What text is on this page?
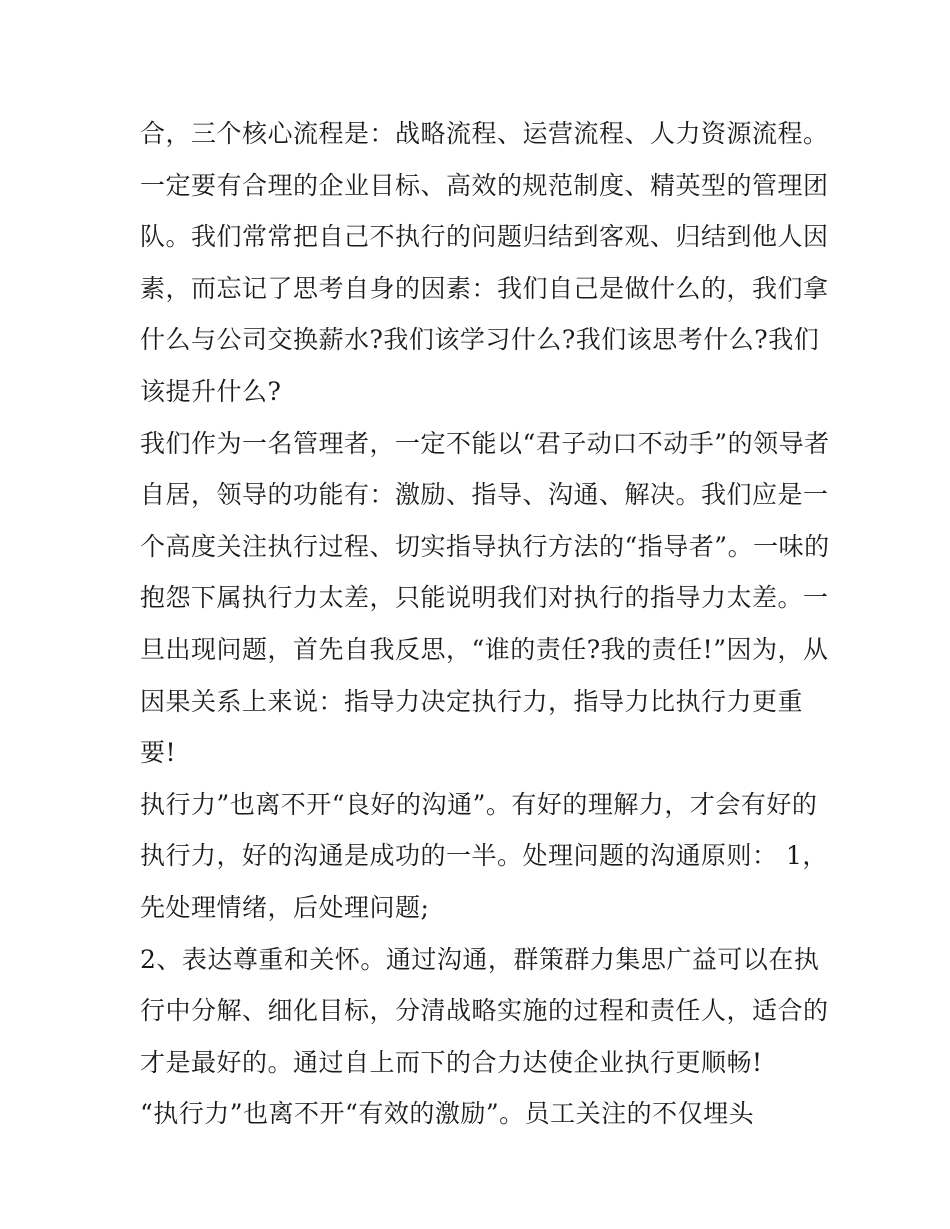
合，三个核心流程是：战略流程、运营流程、人力资源流程。
一定要有合理的企业目标、高效的规范制度、精英型的管理团
队。我们常常把自己不执行的问题归结到客观、归结到他人因
素，而忘记了思考自身的因素：我们自己是做什么的，我们拿
什么与公司交换薪水?我们该学习什么?我们该思考什么?我们
该提升什么?
我们作为一名管理者，一定不能以“君子动口不动手”的领导者
自居，领导的功能有：激励、指导、沟通、解决。我们应是一
个高度关注执行过程、切实指导执行方法的“指导者”。一味的
抱怨下属执行力太差，只能说明我们对执行的指导力太差。一
旦出现问题，首先自我反思，“谁的责任?我的责任!”因为，从
因果关系上来说：指导力决定执行力，指导力比执行力更重
要!
执行力”也离不开“良好的沟通”。有好的理解力，才会有好的
执行力，好的沟通是成功的一半。处理问题的沟通原则： 1，
先处理情绪，后处理问题;
2、表达尊重和关怀。通过沟通，群策群力集思广益可以在执
行中分解、细化目标，分清战略实施的过程和责任人，适合的
才是最好的。通过自上而下的合力达使企业执行更顺畅!
“执行力”也离不开“有效的激励”。员工关注的不仅埋头
